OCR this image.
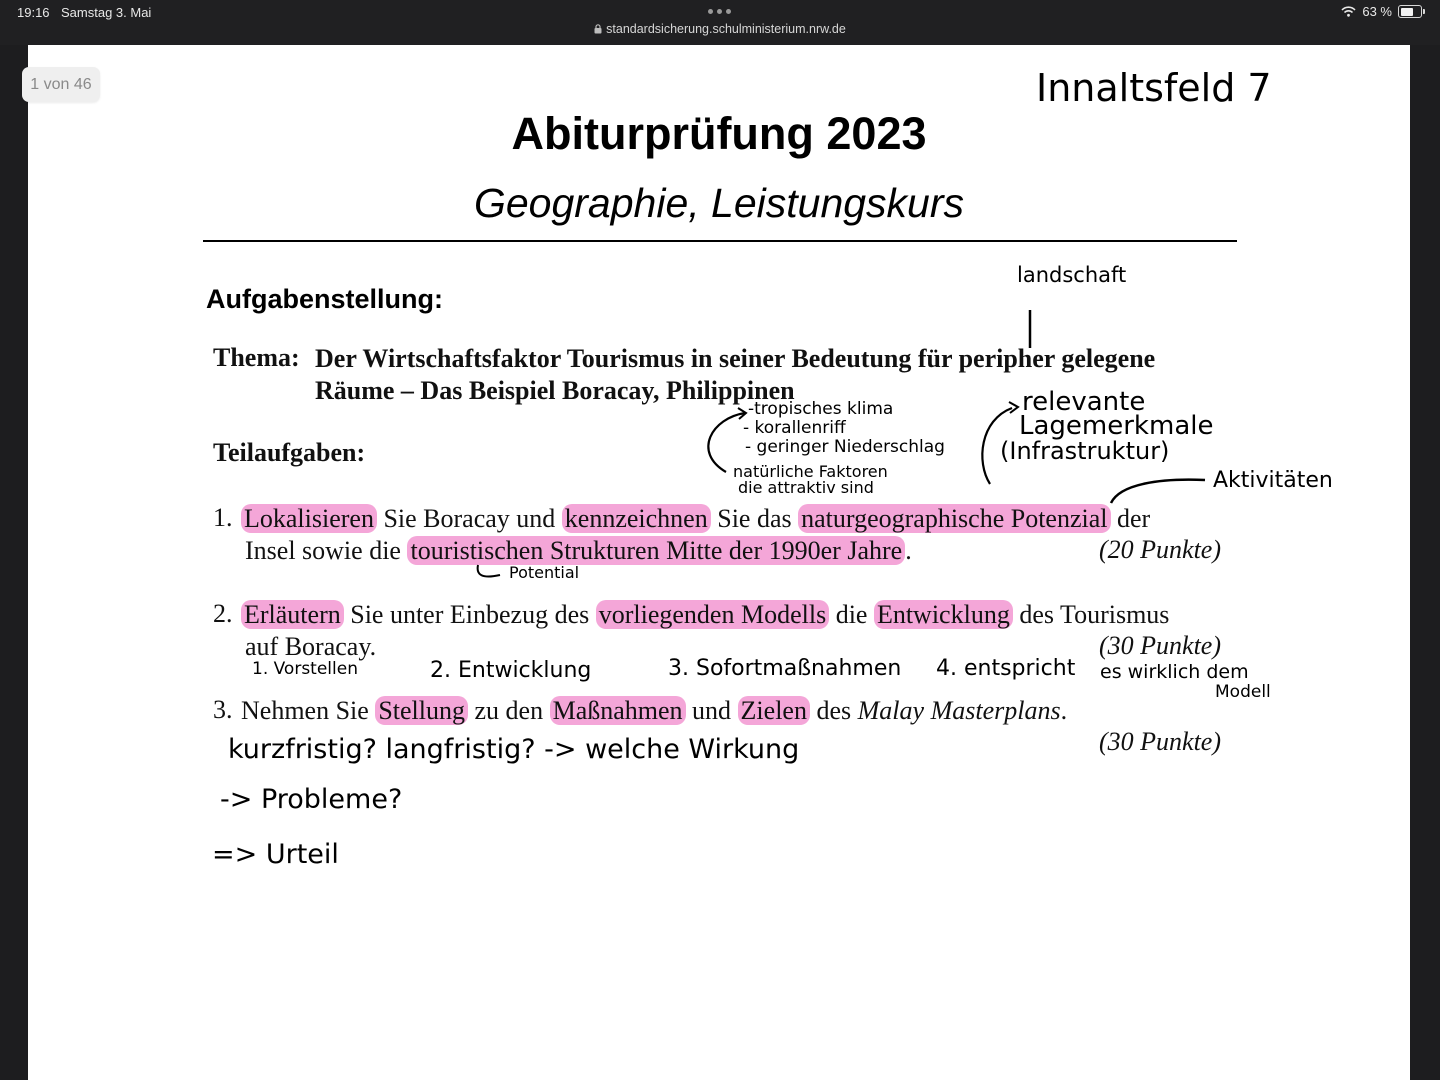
19:16 Samstag 3. Mai
standardsicherung.schulministerium.nrw.de
63 %
1 von 46
Abiturprüfung 2023
Geographie, Leistungskurs
Aufgabenstellung:
Thema: Der Wirtschaftsfaktor Tourismus in seiner Bedeutung für peripher gelegene
Räume – Das Beispiel Boracay, Philippinen
Teilaufgaben:
1. Lokalisieren Sie Boracay und kennzeichnen Sie das naturgeographische Potenzial der
Insel sowie die touristischen Strukturen Mitte der 1990er Jahre .	(20 Punkte)
2. Erläutern Sie unter Einbezug des vorliegenden Modells die Entwicklung des Tourismus
auf Boracay.	(30 Punkte)
3. Nehmen Sie Stellung zu den Maßnahmen und Zielen des Malay Masterplans.
(30 Punkte)
Innaltsfeld 7
landschaft
-tropisches klima
- korallenriff
- geringer Niederschlag
natürliche Faktoren
die attraktiv sind
relevante
Lagemerkmale
(Infrastruktur)
Aktivitäten
Potential
1. Vorstellen	2. Entwicklung	3. Sofortmaßnahmen 4. entspricht es wirklich dem
Modell
kurzfristig? langfristig? -> welche Wirkung
-> Probleme?
=> Urteil
